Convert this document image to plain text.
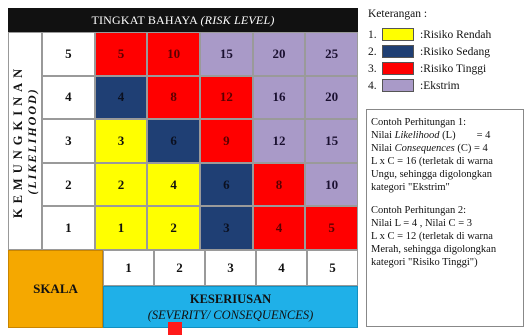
TINGKAT BAHAYA (RISK LEVEL)
KEMUNGKINAN (LIKELIHOOD)
5	5	10	15	20	25
4	4	8	12	16	20
3	3	6	9	12	15
2	2	4	6	8	10
1	1	2	3	4	5
SKALA
1	2	3	4	5
KESERIUSAN
(SEVERITY/ CONSEQUENCES)
Keterangan :
1.	:Risiko Rendah
2.	:Risiko Sedang
3.	:Risiko Tinggi
4.	:Ekstrim

Contoh Perhitungan 1:

Nilai Likelihood (L)        = 4

Nilai Consequences (C) = 4

L x C = 16 (terletak di warna Ungu, sehingga digolongkan kategori "Ekstrim"

Contoh Perhitungan 2:

Nilai L = 4 , Nilai C = 3

L x C = 12 (terletak di warna Merah, sehingga digolongkan kategori "Risiko Tinggi")
